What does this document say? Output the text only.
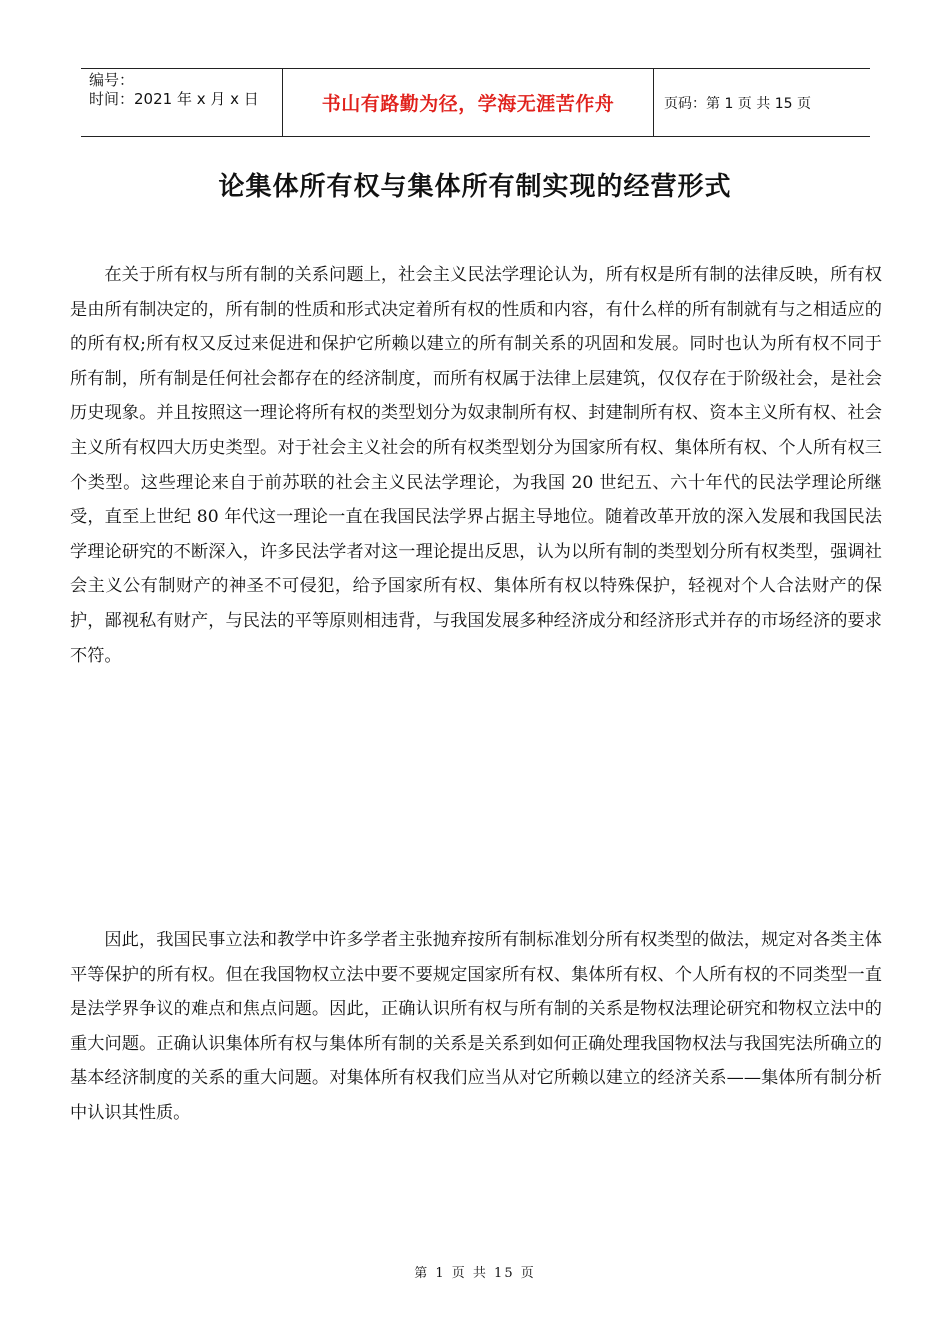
编号：
时间：2021 年 x 月 x 日	书山有路勤为径，学海无涯苦作舟	页码：第 1 页 共 15 页
论集体所有权与集体所有制实现的经营形式

在关于所有权与所有制的关系问题上，社会主义民法学理论认为，所有权是所有制的法律反映，所有权是由所有制决定的，所有制的性质和形式决定着所有权的性质和内容，有什么样的所有制就有与之相适应的的所有权;所有权又反过来促进和保护它所赖以建立的所有制关系的巩固和发展。同时也认为所有权不同于所有制，所有制是任何社会都存在的经济制度，而所有权属于法律上层建筑，仅仅存在于阶级社会，是社会历史现象。并且按照这一理论将所有权的类型划分为奴隶制所有权、封建制所有权、资本主义所有权、社会主义所有权四大历史类型。对于社会主义社会的所有权类型划分为国家所有权、集体所有权、个人所有权三个类型。这些理论来自于前苏联的社会主义民法学理论，为我国 20 世纪五、六十年代的民法学理论所继受，直至上世纪 80 年代这一理论一直在我国民法学界占据主导地位。随着改革开放的深入发展和我国民法学理论研究的不断深入，许多民法学者对这一理论提出反思，认为以所有制的类型划分所有权类型，强调社会主义公有制财产的神圣不可侵犯，给予国家所有权、集体所有权以特殊保护，轻视对个人合法财产的保护，鄙视私有财产，与民法的平等原则相违背，与我国发展多种经济成分和经济形式并存的市场经济的要求不符。

因此，我国民事立法和教学中许多学者主张抛弃按所有制标准划分所有权类型的做法，规定对各类主体平等保护的所有权。但在我国物权立法中要不要规定国家所有权、集体所有权、个人所有权的不同类型一直是法学界争议的难点和焦点问题。因此，正确认识所有权与所有制的关系是物权法理论研究和物权立法中的重大问题。正确认识集体所有权与集体所有制的关系是关系到如何正确处理我国物权法与我国宪法所确立的基本经济制度的关系的重大问题。对集体所有权我们应当从对它所赖以建立的经济关系——集体所有制分析中认识其性质。

第 1 页 共 15 页
